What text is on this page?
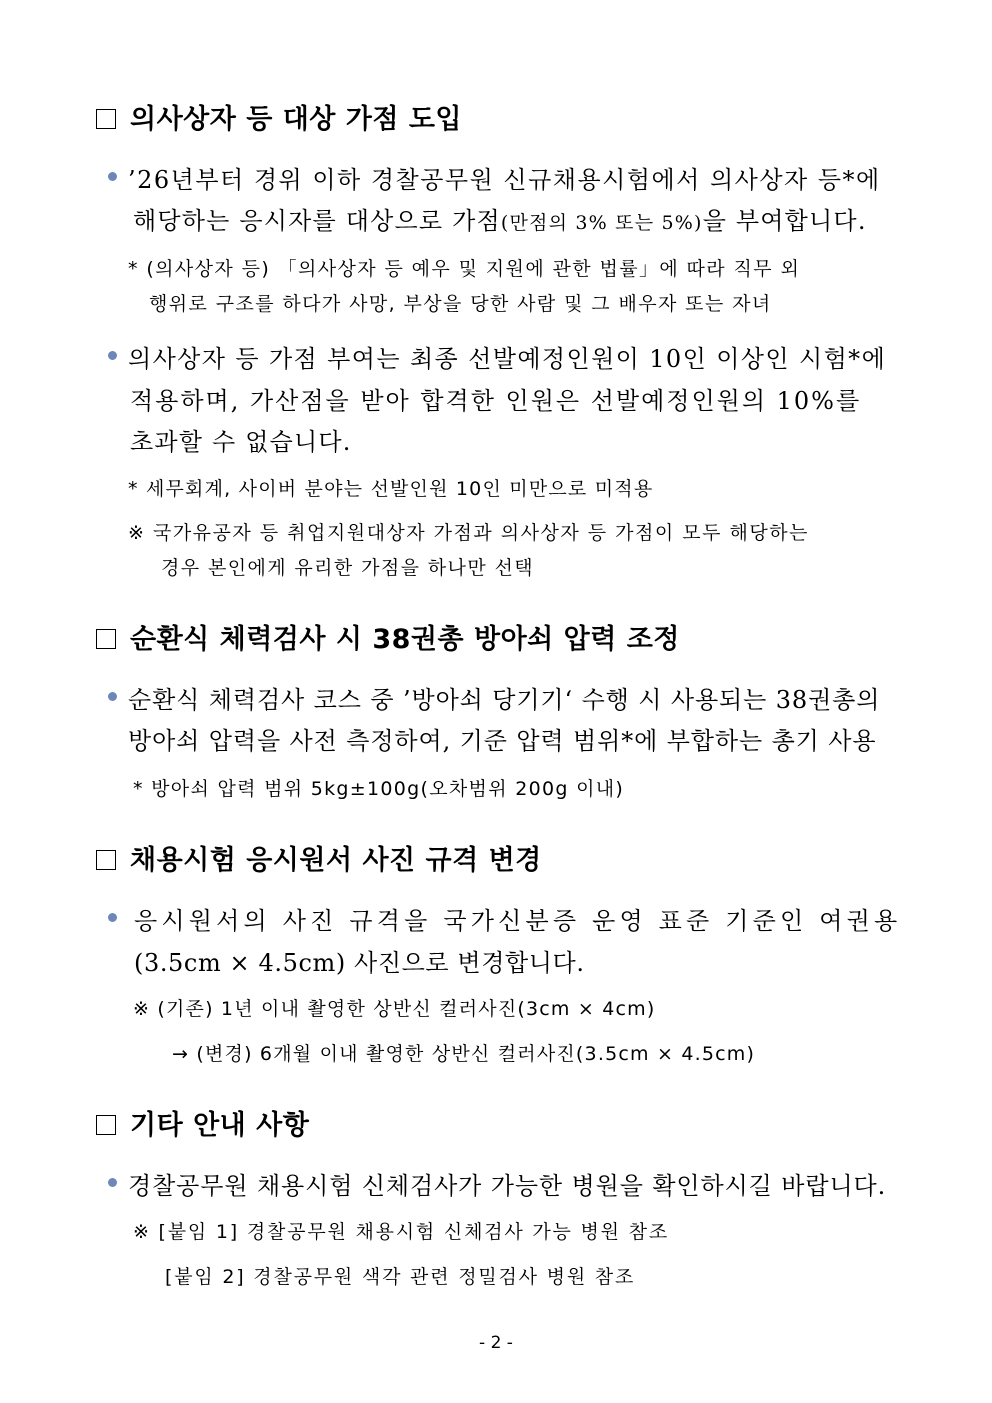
의사상자 등 대상 가점 도입
’26년부터 경위 이하 경찰공무원 신규채용시험에서 의사상자 등*에
해당하는 응시자를 대상으로 가점(만점의 3% 또는 5%)을 부여합니다.
* (의사상자 등) 「의사상자 등 예우 및 지원에 관한 법률」에 따라 직무 외
행위로 구조를 하다가 사망, 부상을 당한 사람 및 그 배우자 또는 자녀
의사상자 등 가점 부여는 최종 선발예정인원이 10인 이상인 시험*에
적용하며, 가산점을 받아 합격한 인원은 선발예정인원의 10%를
초과할 수 없습니다.
* 세무회계, 사이버 분야는 선발인원 10인 미만으로 미적용
※ 국가유공자 등 취업지원대상자 가점과 의사상자 등 가점이 모두 해당하는
경우 본인에게 유리한 가점을 하나만 선택
순환식 체력검사 시 38권총 방아쇠 압력 조정
순환식 체력검사 코스 중 ’방아쇠 당기기‘ 수행 시 사용되는 38권총의
방아쇠 압력을 사전 측정하여, 기준 압력 범위*에 부합하는 총기 사용
* 방아쇠 압력 범위 5kg±100g(오차범위 200g 이내)
채용시험 응시원서 사진 규격 변경
응시원서의 사진 규격을 국가신분증 운영 표준 기준인 여권용
(3.5cm × 4.5cm) 사진으로 변경합니다.
※ (기존) 1년 이내 촬영한 상반신 컬러사진(3cm × 4cm)
→ (변경) 6개월 이내 촬영한 상반신 컬러사진(3.5cm × 4.5cm)
기타 안내 사항
경찰공무원 채용시험 신체검사가 가능한 병원을 확인하시길 바랍니다.
※ [붙임 1] 경찰공무원 채용시험 신체검사 가능 병원 참조
[붙임 2] 경찰공무원 색각 관련 정밀검사 병원 참조
- 2 -
